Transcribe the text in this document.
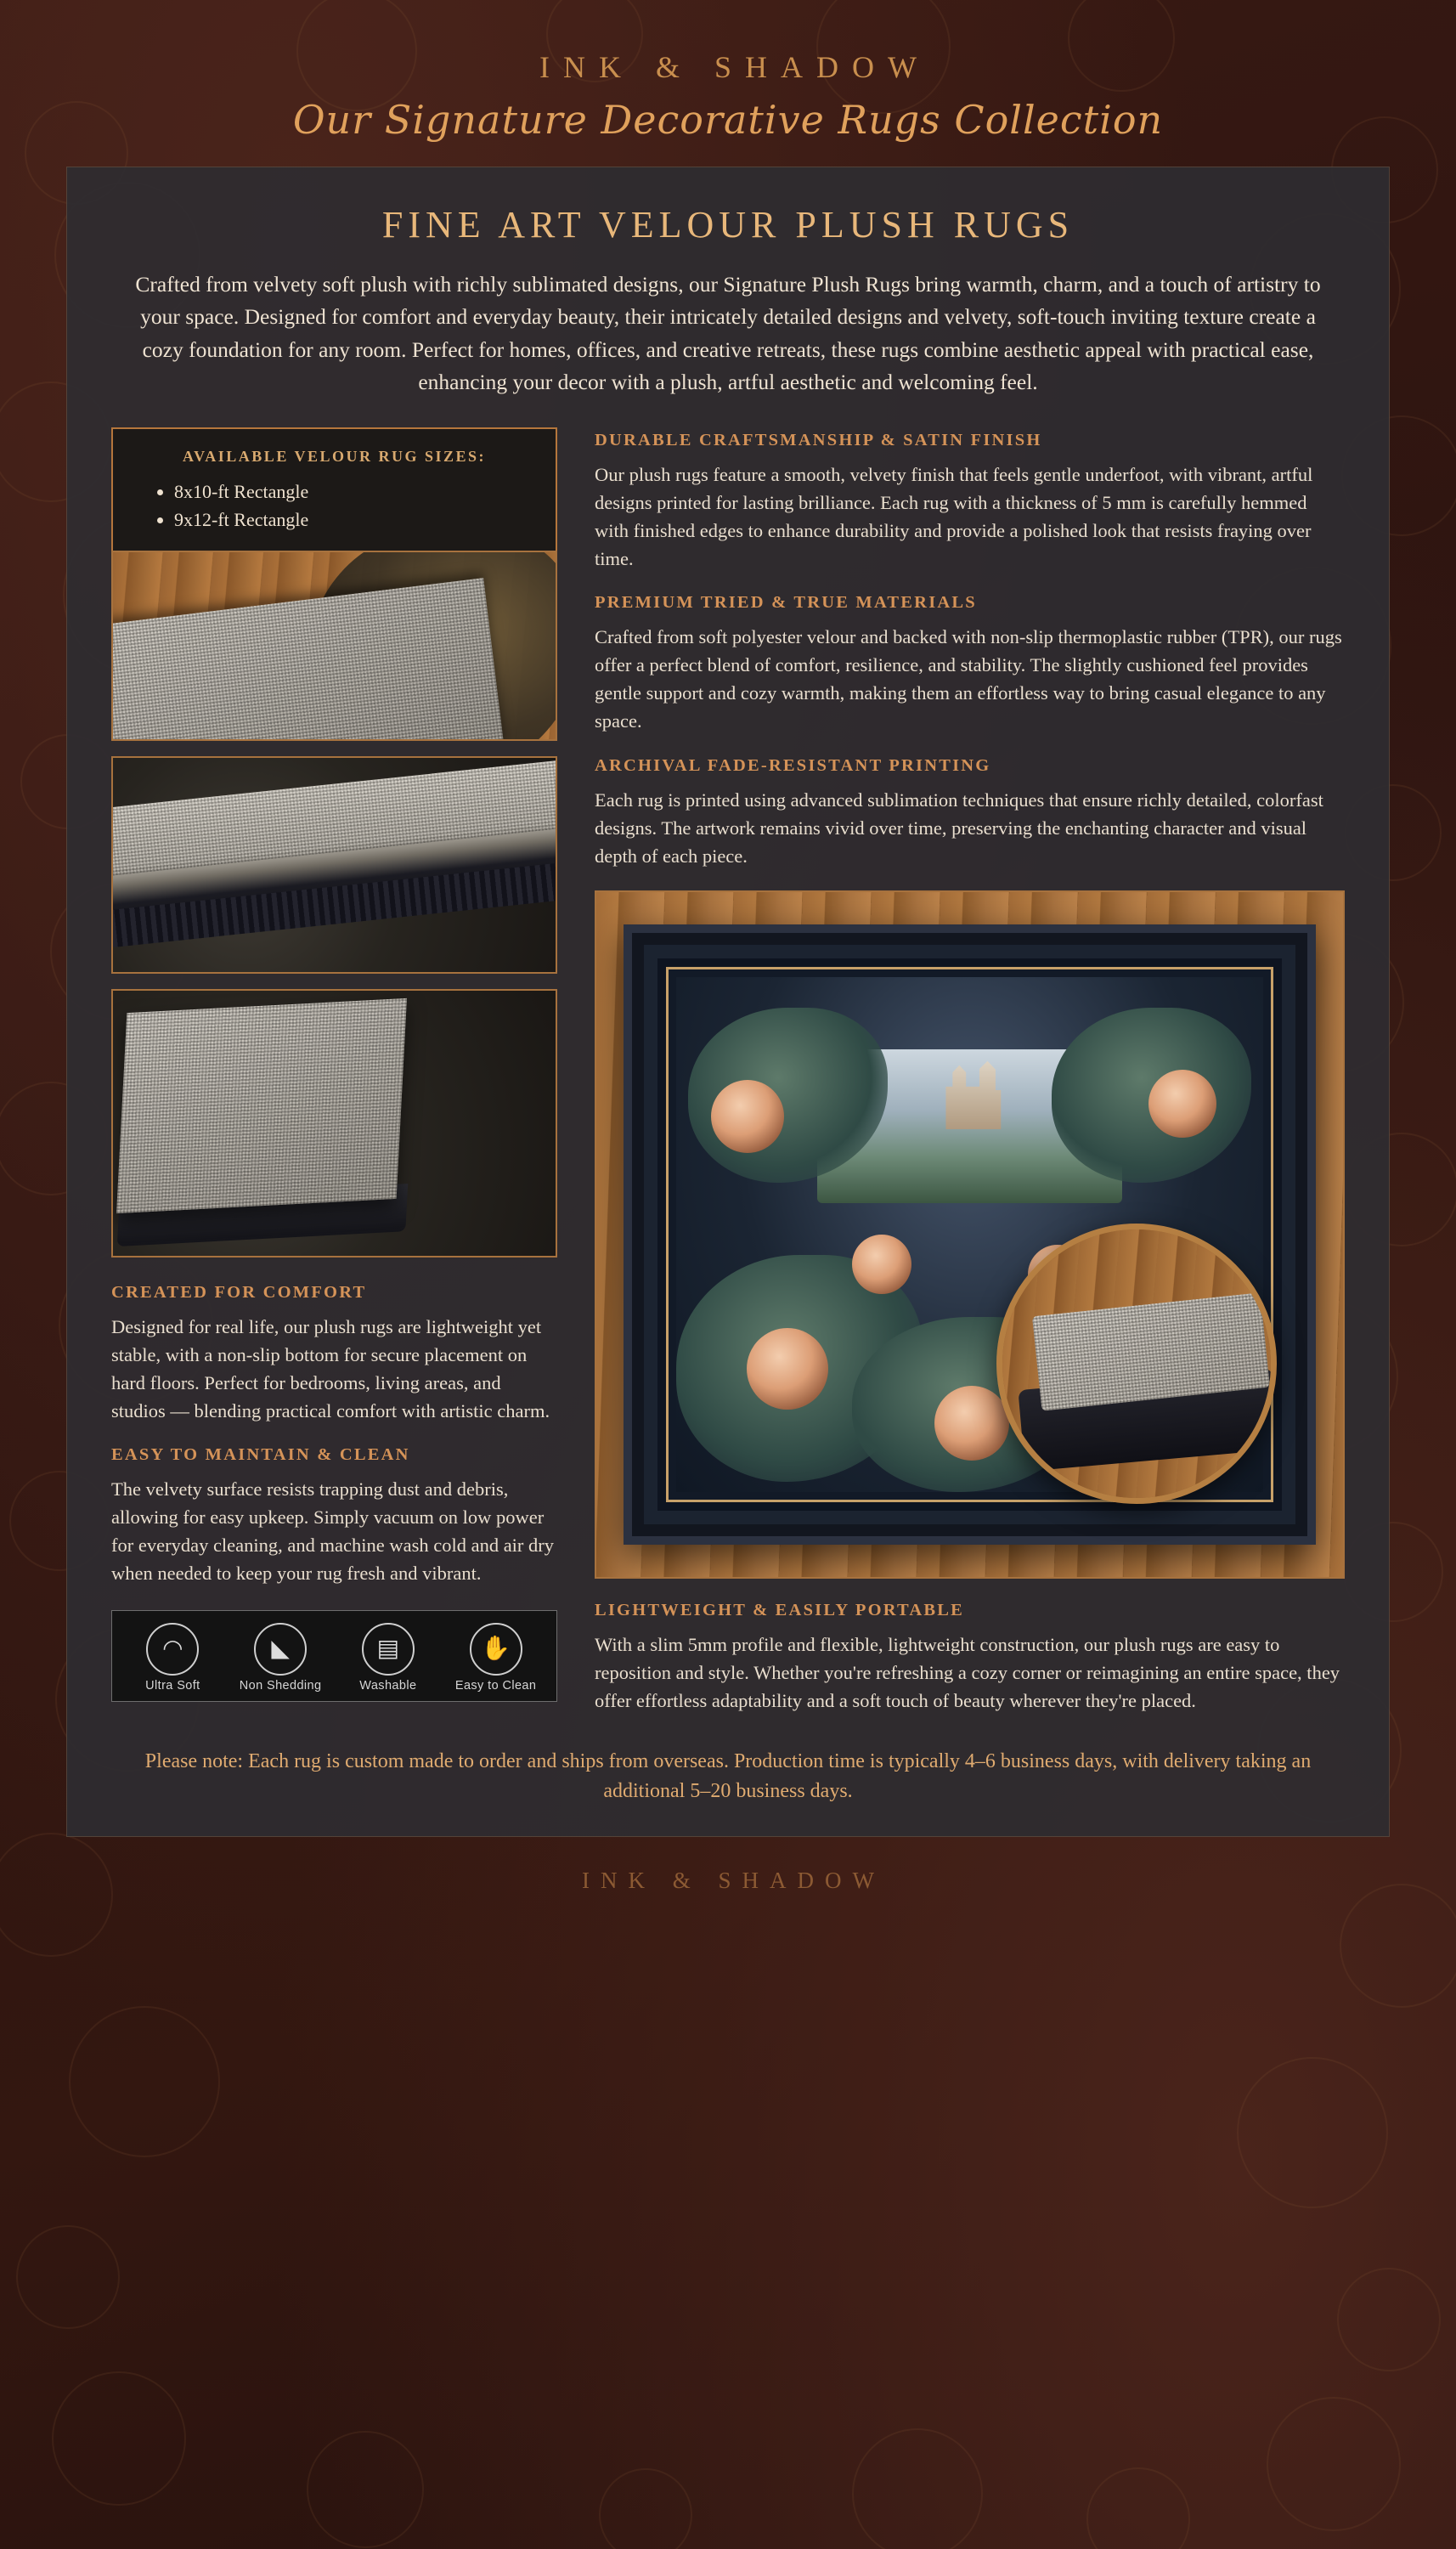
INK & SHADOW
Our Signature Decorative Rugs Collection
FINE ART VELOUR PLUSH RUGS

Crafted from velvety soft plush with richly sublimated designs, our Signature Plush Rugs bring warmth, charm, and a touch of artistry to your space. Designed for comfort and everyday beauty, their intricately detailed designs and velvety, soft-touch inviting texture create a cozy foundation for any room. Perfect for homes, offices, and creative retreats, these rugs combine aesthetic appeal with practical ease, enhancing your decor with a plush, artful aesthetic and welcoming feel.

AVAILABLE VELOUR RUG SIZES:
• 8x10-ft Rectangle
• 9x12-ft Rectangle
CREATED FOR COMFORT

Designed for real life, our plush rugs are lightweight yet stable, with a non-slip bottom for secure placement on hard floors. Perfect for bedrooms, living areas, and studios — blending practical comfort with artistic charm.

EASY TO MAINTAIN & CLEAN

The velvety surface resists trapping dust and debris, allowing for easy upkeep. Simply vacuum on low power for everyday cleaning, and machine wash cold and air dry when needed to keep your rug fresh and vibrant.

◠
Ultra Soft
◣
Non Shedding
▤
Washable
✋
Easy to Clean
DURABLE CRAFTSMANSHIP & SATIN FINISH

Our plush rugs feature a smooth, velvety finish that feels gentle underfoot, with vibrant, artful designs printed for lasting brilliance. Each rug with a thickness of 5 mm is carefully hemmed with finished edges to enhance durability and provide a polished look that resists fraying over time.

PREMIUM TRIED & TRUE MATERIALS

Crafted from soft polyester velour and backed with non-slip thermoplastic rubber (TPR), our rugs offer a perfect blend of comfort, resilience, and stability. The slightly cushioned feel provides gentle support and cozy warmth, making them an effortless way to bring casual elegance to any space.

ARCHIVAL FADE-RESISTANT PRINTING

Each rug is printed using advanced sublimation techniques that ensure richly detailed, colorfast designs. The artwork remains vivid over time, preserving the enchanting character and visual depth of each piece.

LIGHTWEIGHT & EASILY PORTABLE

With a slim 5mm profile and flexible, lightweight construction, our plush rugs are easy to reposition and style. Whether you're refreshing a cozy corner or reimagining an entire space, they offer effortless adaptability and a soft touch of beauty wherever they're placed.

Please note: Each rug is custom made to order and ships from overseas. Production time is typically 4–6 business days, with delivery taking an additional 5–20 business days.

INK & SHADOW
